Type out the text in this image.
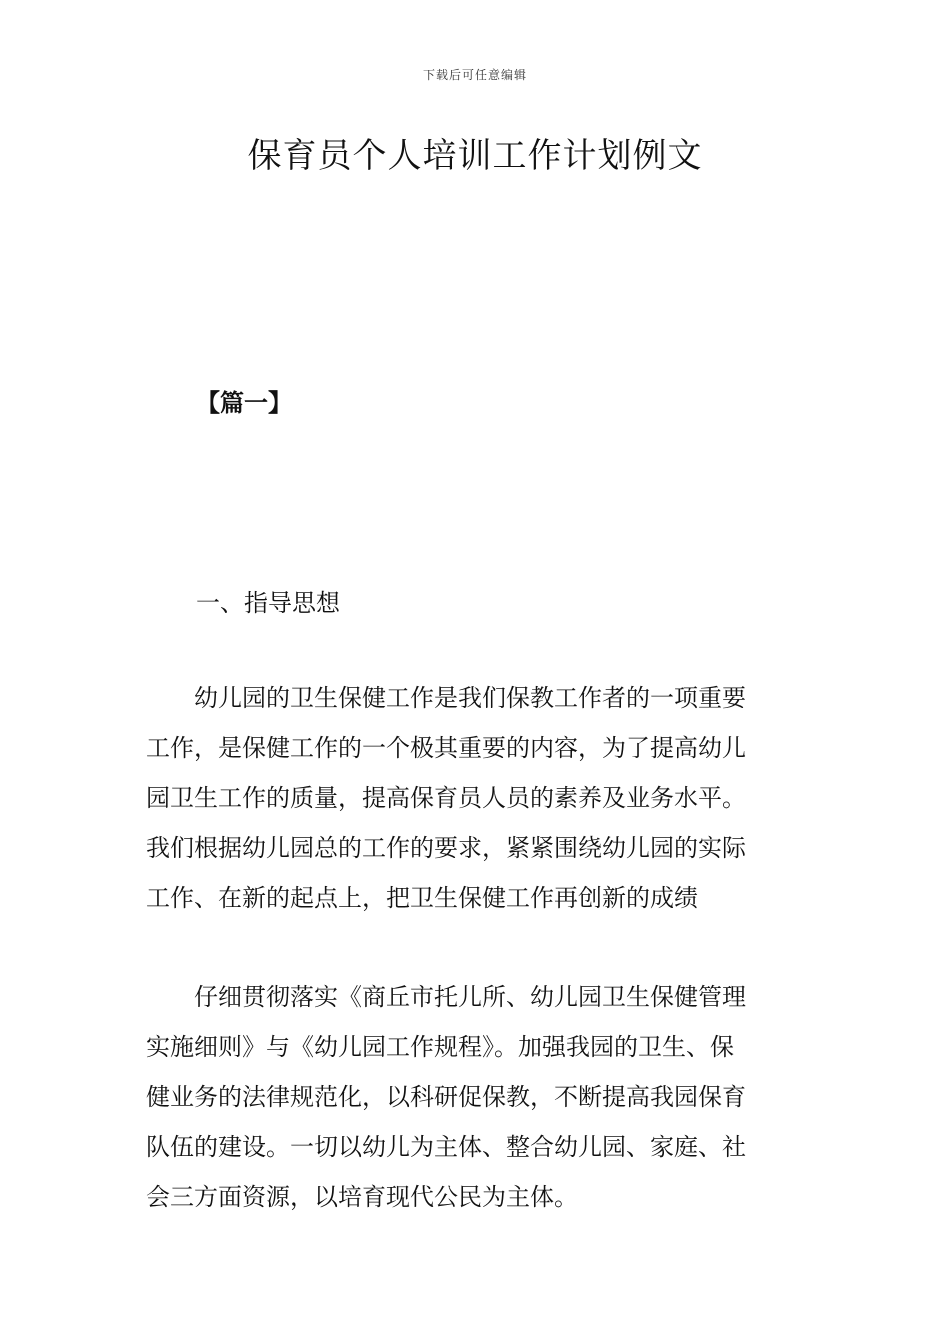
下载后可任意编辑
保育员个人培训工作计划例文
【篇一】
一、指导思想
　　幼儿园的卫生保健工作是我们保教工作者的一项重要
工作，是保健工作的一个极其重要的内容，为了提高幼儿
园卫生工作的质量，提高保育员人员的素养及业务水平。
我们根据幼儿园总的工作的要求，紧紧围绕幼儿园的实际
工作、在新的起点上，把卫生保健工作再创新的成绩
　　仔细贯彻落实《商丘市托儿所、幼儿园卫生保健管理
实施细则》与《幼儿园工作规程》。加强我园的卫生、保
健业务的法律规范化，以科研促保教，不断提高我园保育
队伍的建设。一切以幼儿为主体、整合幼儿园、家庭、社
会三方面资源，以培育现代公民为主体。
